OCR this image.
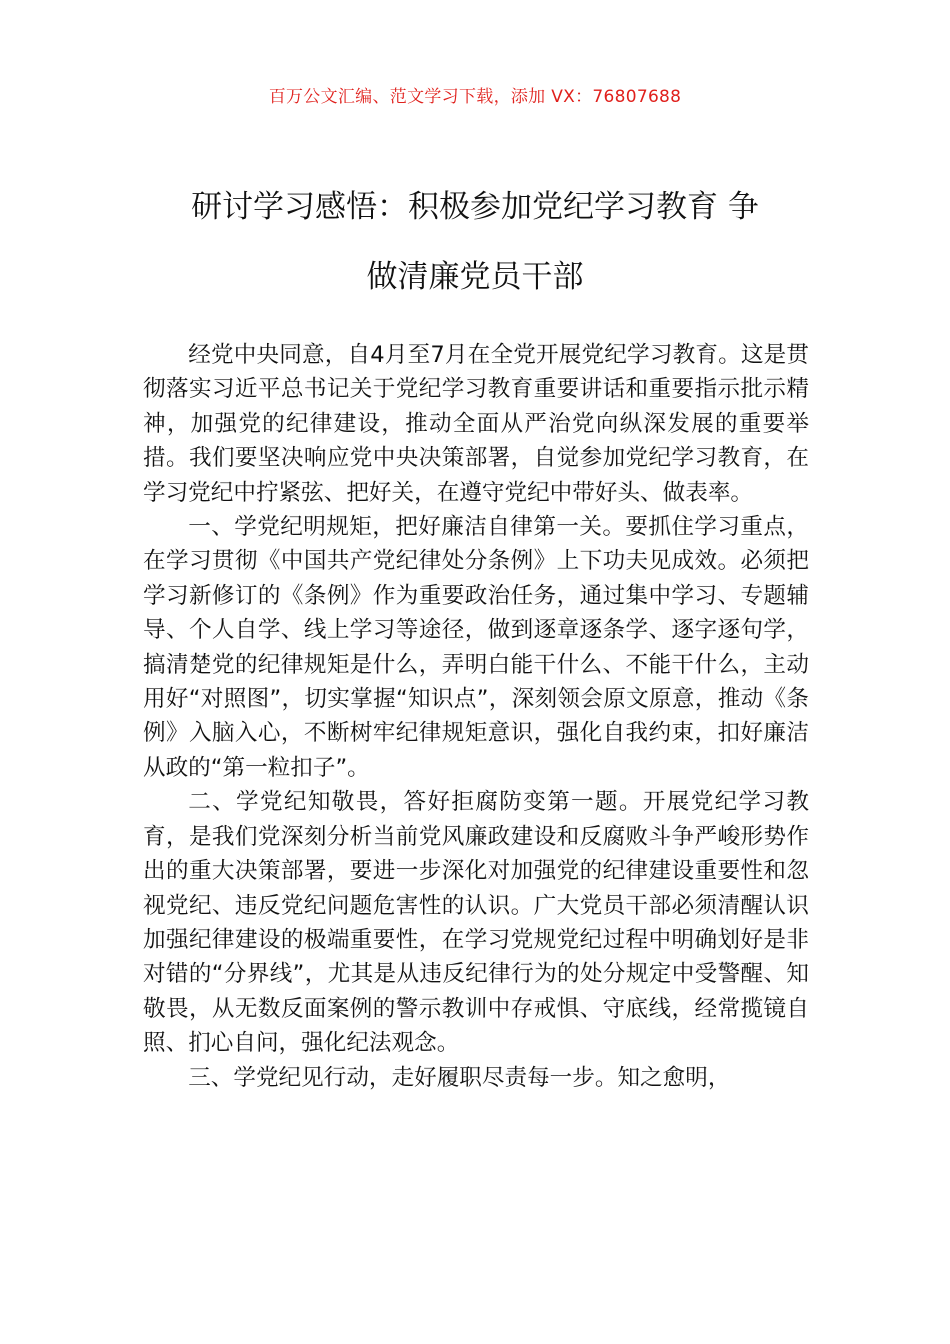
百万公文汇编、范文学习下载，添加 VX：76807688
研讨学习感悟：积极参加党纪学习教育 争
做清廉党员干部

经党中央同意，自4月至7月在全党开展党纪学习教育。这是贯彻落实习近平总书记关于党纪学习教育重要讲话和重要指示批示精神，加强党的纪律建设，推动全面从严治党向纵深发展的重要举措。我们要坚决响应党中央决策部署，自觉参加党纪学习教育，在学习党纪中拧紧弦、把好关，在遵守党纪中带好头、做表率。

一、学党纪明规矩，把好廉洁自律第一关。要抓住学习重点，在学习贯彻《中国共产党纪律处分条例》上下功夫见成效。必须把学习新修订的《条例》作为重要政治任务，通过集中学习、专题辅导、个人自学、线上学习等途径，做到逐章逐条学、逐字逐句学，搞清楚党的纪律规矩是什么，弄明白能干什么、不能干什么，主动用好“对照图”，切实掌握“知识点”，深刻领会原文原意，推动《条例》入脑入心，不断树牢纪律规矩意识，强化自我约束，扣好廉洁从政的“第一粒扣子”。

二、学党纪知敬畏，答好拒腐防变第一题。开展党纪学习教育，是我们党深刻分析当前党风廉政建设和反腐败斗争严峻形势作出的重大决策部署，要进一步深化对加强党的纪律建设重要性和忽视党纪、违反党纪问题危害性的认识。广大党员干部必须清醒认识加强纪律建设的极端重要性，在学习党规党纪过程中明确划好是非对错的“分界线”，尤其是从违反纪律行为的处分规定中受警醒、知敬畏，从无数反面案例的警示教训中存戒惧、守底线，经常揽镜自照、扪心自问，强化纪法观念。

三、学党纪见行动，走好履职尽责每一步。知之愈明，
